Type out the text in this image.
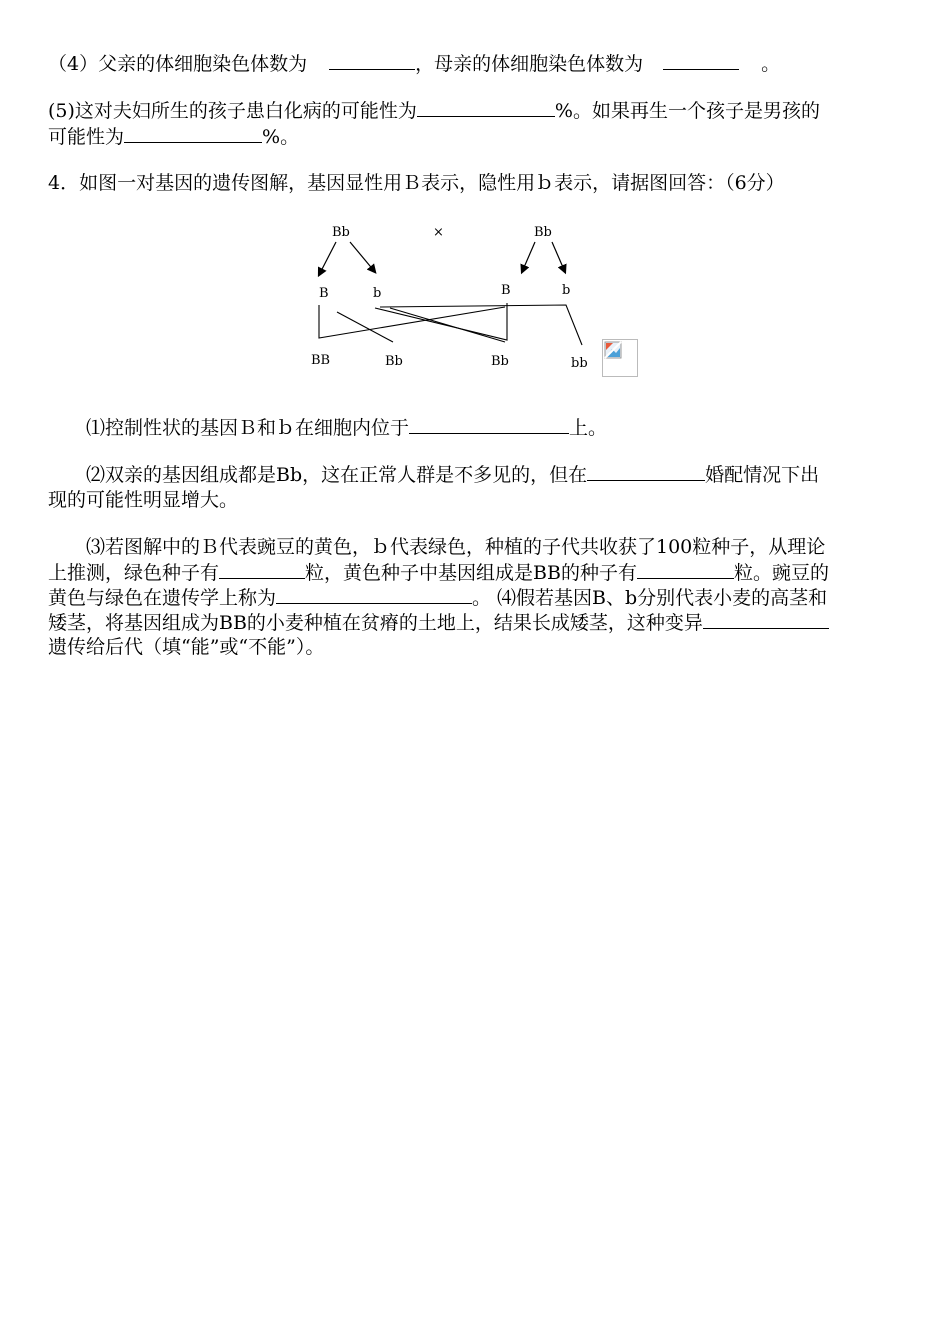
（4）父亲的体细胞染色体数为	，母亲的体细胞染色体数为	。
(5)这对夫妇所生的孩子患白化病的可能性为	%。如果再生一个孩子是男孩的
可能性为	%。
4．如图一对基因的遗传图解，基因显性用Ｂ表示，隐性用ｂ表示，请据图回答：（6分）
Bb	×	Bb
B	b	B	b
BB	Bb	Bb	bb
⑴控制性状的基因Ｂ和ｂ在细胞内位于	上。
⑵双亲的基因组成都是Bb，这在正常人群是不多见的，但在	婚配情况下出
现的可能性明显增大。
⑶若图解中的Ｂ代表豌豆的黄色，ｂ代表绿色，种植的子代共收获了100粒种子，从理论
上推测，绿色种子有	粒，黄色种子中基因组成是BB的种子有	粒。豌豆的
黄色与绿色在遗传学上称为	。 ⑷假若基因B、b分别代表小麦的高茎和
矮茎，将基因组成为BB的小麦种植在贫瘠的土地上，结果长成矮茎，这种变异
遗传给后代（填“能”或“不能”）。
